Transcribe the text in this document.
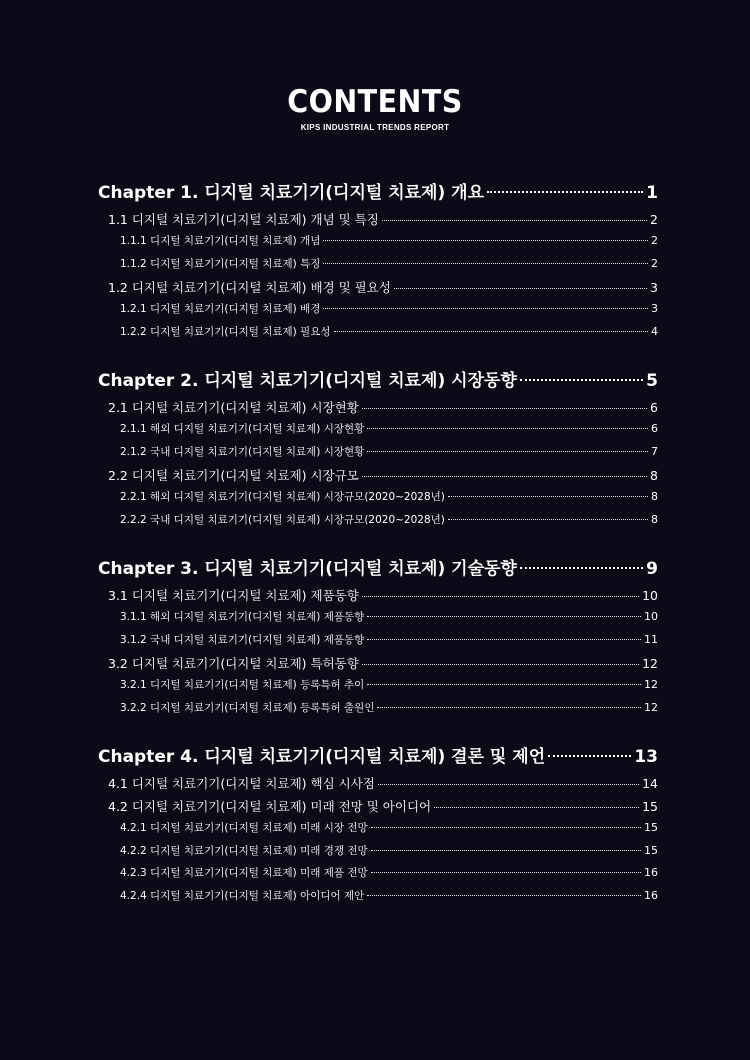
CONTENTS
KIPS INDUSTRIAL TRENDS REPORT
Chapter 1. 디지털 치료기기(디지털 치료제) 개요	1
1.1 디지털 치료기기(디지털 치료제) 개념 및 특징	2
1.1.1 디지털 치료기기(디지털 치료제) 개념	2
1.1.2 디지털 치료기기(디지털 치료제) 특징	2
1.2 디지털 치료기기(디지털 치료제) 배경 및 필요성	3
1.2.1 디지털 치료기기(디지털 치료제) 배경	3
1.2.2 디지털 치료기기(디지털 치료제) 필요성	4
Chapter 2. 디지털 치료기기(디지털 치료제) 시장동향	5
2.1 디지털 치료기기(디지털 치료제) 시장현황	6
2.1.1 해외 디지털 치료기기(디지털 치료제) 시장현황	6
2.1.2 국내 디지털 치료기기(디지털 치료제) 시장현황	7
2.2 디지털 치료기기(디지털 치료제) 시장규모	8
2.2.1 해외 디지털 치료기기(디지털 치료제) 시장규모(2020~2028년)	8
2.2.2 국내 디지털 치료기기(디지털 치료제) 시장규모(2020~2028년)	8
Chapter 3. 디지털 치료기기(디지털 치료제) 기술동향	9
3.1 디지털 치료기기(디지털 치료제) 제품동향	10
3.1.1 해외 디지털 치료기기(디지털 치료제) 제품동향	10
3.1.2 국내 디지털 치료기기(디지털 치료제) 제품동향	11
3.2 디지털 치료기기(디지털 치료제) 특허동향	12
3.2.1 디지털 치료기기(디지털 치료제) 등록특허 추이	12
3.2.2 디지털 치료기기(디지털 치료제) 등록특허 출원인	12
Chapter 4. 디지털 치료기기(디지털 치료제) 결론 및 제언	13
4.1 디지털 치료기기(디지털 치료제) 핵심 시사점	14
4.2 디지털 치료기기(디지털 치료제) 미래 전망 및 아이디어	15
4.2.1 디지털 치료기기(디지털 치료제) 미래 시장 전망	15
4.2.2 디지털 치료기기(디지털 치료제) 미래 경쟁 전망	15
4.2.3 디지털 치료기기(디지털 치료제) 미래 제품 전망	16
4.2.4 디지털 치료기기(디지털 치료제) 아이디어 제안	16
